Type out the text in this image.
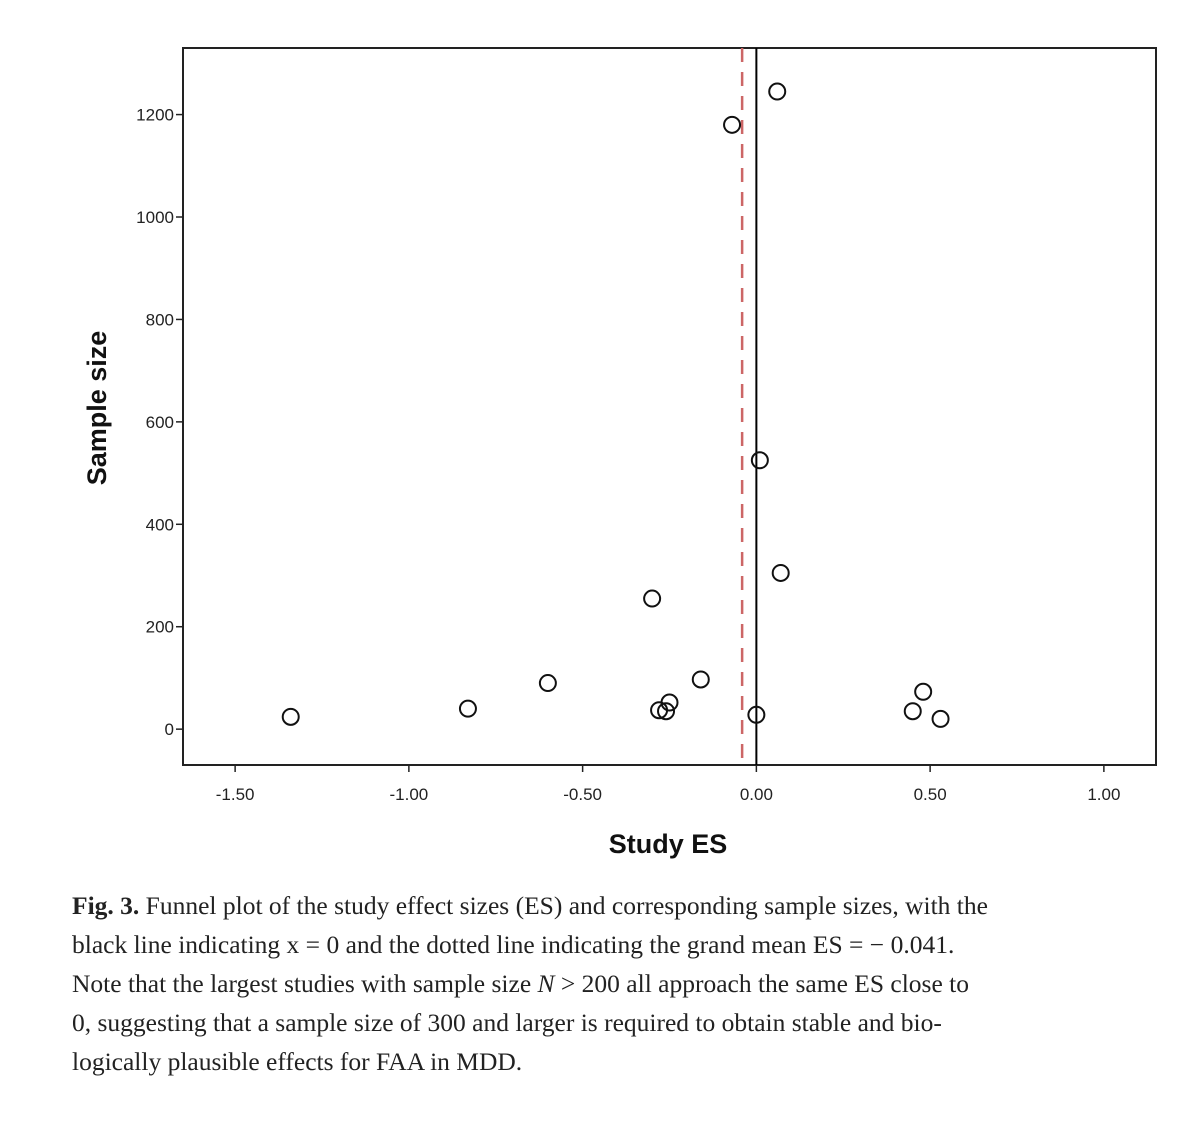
-1.50	-1.00	-0.50	0.00	0.50	1.00
0
200
400
600
800
1000
1200
Study ES
Sample size
Fig. 3. Funnel plot of the study effect sizes (ES) and corresponding sample sizes, with the
black line indicating x = 0 and the dotted line indicating the grand mean ES = − 0.041.
Note that the largest studies with sample size N > 200 all approach the same ES close to
0, suggesting that a sample size of 300 and larger is required to obtain stable and bio-
logically plausible effects for FAA in MDD.
